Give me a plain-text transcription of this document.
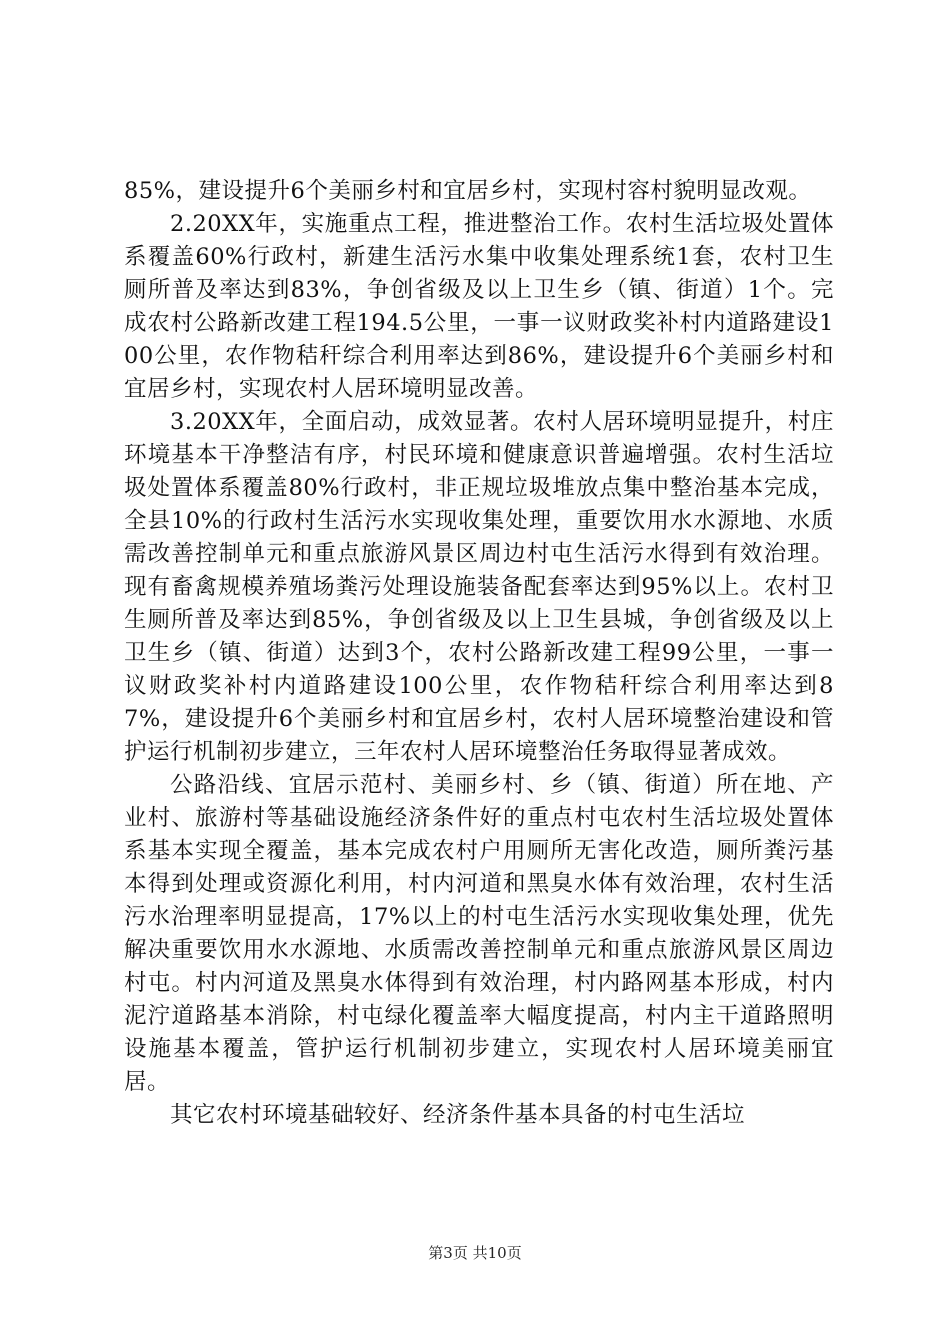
85%，建设提升6个美丽乡村和宜居乡村，实现村容村貌明显改观。

2.20XX年，实施重点工程，推进整治工作。农村生活垃圾处置体系覆盖60%行政村，新建生活污水集中收集处理系统1套，农村卫生厕所普及率达到83%，争创省级及以上卫生乡（镇、街道）1个。完成农村公路新改建工程194.5公里，一事一议财政奖补村内道路建设100公里，农作物秸秆综合利用率达到86%，建设提升6个美丽乡村和宜居乡村，实现农村人居环境明显改善。

3.20XX年，全面启动，成效显著。农村人居环境明显提升，村庄环境基本干净整洁有序，村民环境和健康意识普遍增强。农村生活垃圾处置体系覆盖80%行政村，非正规垃圾堆放点集中整治基本完成，全县10%的行政村生活污水实现收集处理，重要饮用水水源地、水质需改善控制单元和重点旅游风景区周边村屯生活污水得到有效治理。现有畜禽规模养殖场粪污处理设施装备配套率达到95%以上。农村卫生厕所普及率达到85%，争创省级及以上卫生县城，争创省级及以上卫生乡（镇、街道）达到3个，农村公路新改建工程99公里，一事一议财政奖补村内道路建设100公里，农作物秸秆综合利用率达到87%，建设提升6个美丽乡村和宜居乡村，农村人居环境整治建设和管护运行机制初步建立，三年农村人居环境整治任务取得显著成效。

公路沿线、宜居示范村、美丽乡村、乡（镇、街道）所在地、产业村、旅游村等基础设施经济条件好的重点村屯农村生活垃圾处置体系基本实现全覆盖，基本完成农村户用厕所无害化改造，厕所粪污基本得到处理或资源化利用，村内河道和黑臭水体有效治理，农村生活污水治理率明显提高，17%以上的村屯生活污水实现收集处理，优先解决重要饮用水水源地、水质需改善控制单元和重点旅游风景区周边村屯。村内河道及黑臭水体得到有效治理，村内路网基本形成，村内泥泞道路基本消除，村屯绿化覆盖率大幅度提高，村内主干道路照明设施基本覆盖，管护运行机制初步建立，实现农村人居环境美丽宜居。

其它农村环境基础较好、经济条件基本具备的村屯生活垃

第3页 共10页
